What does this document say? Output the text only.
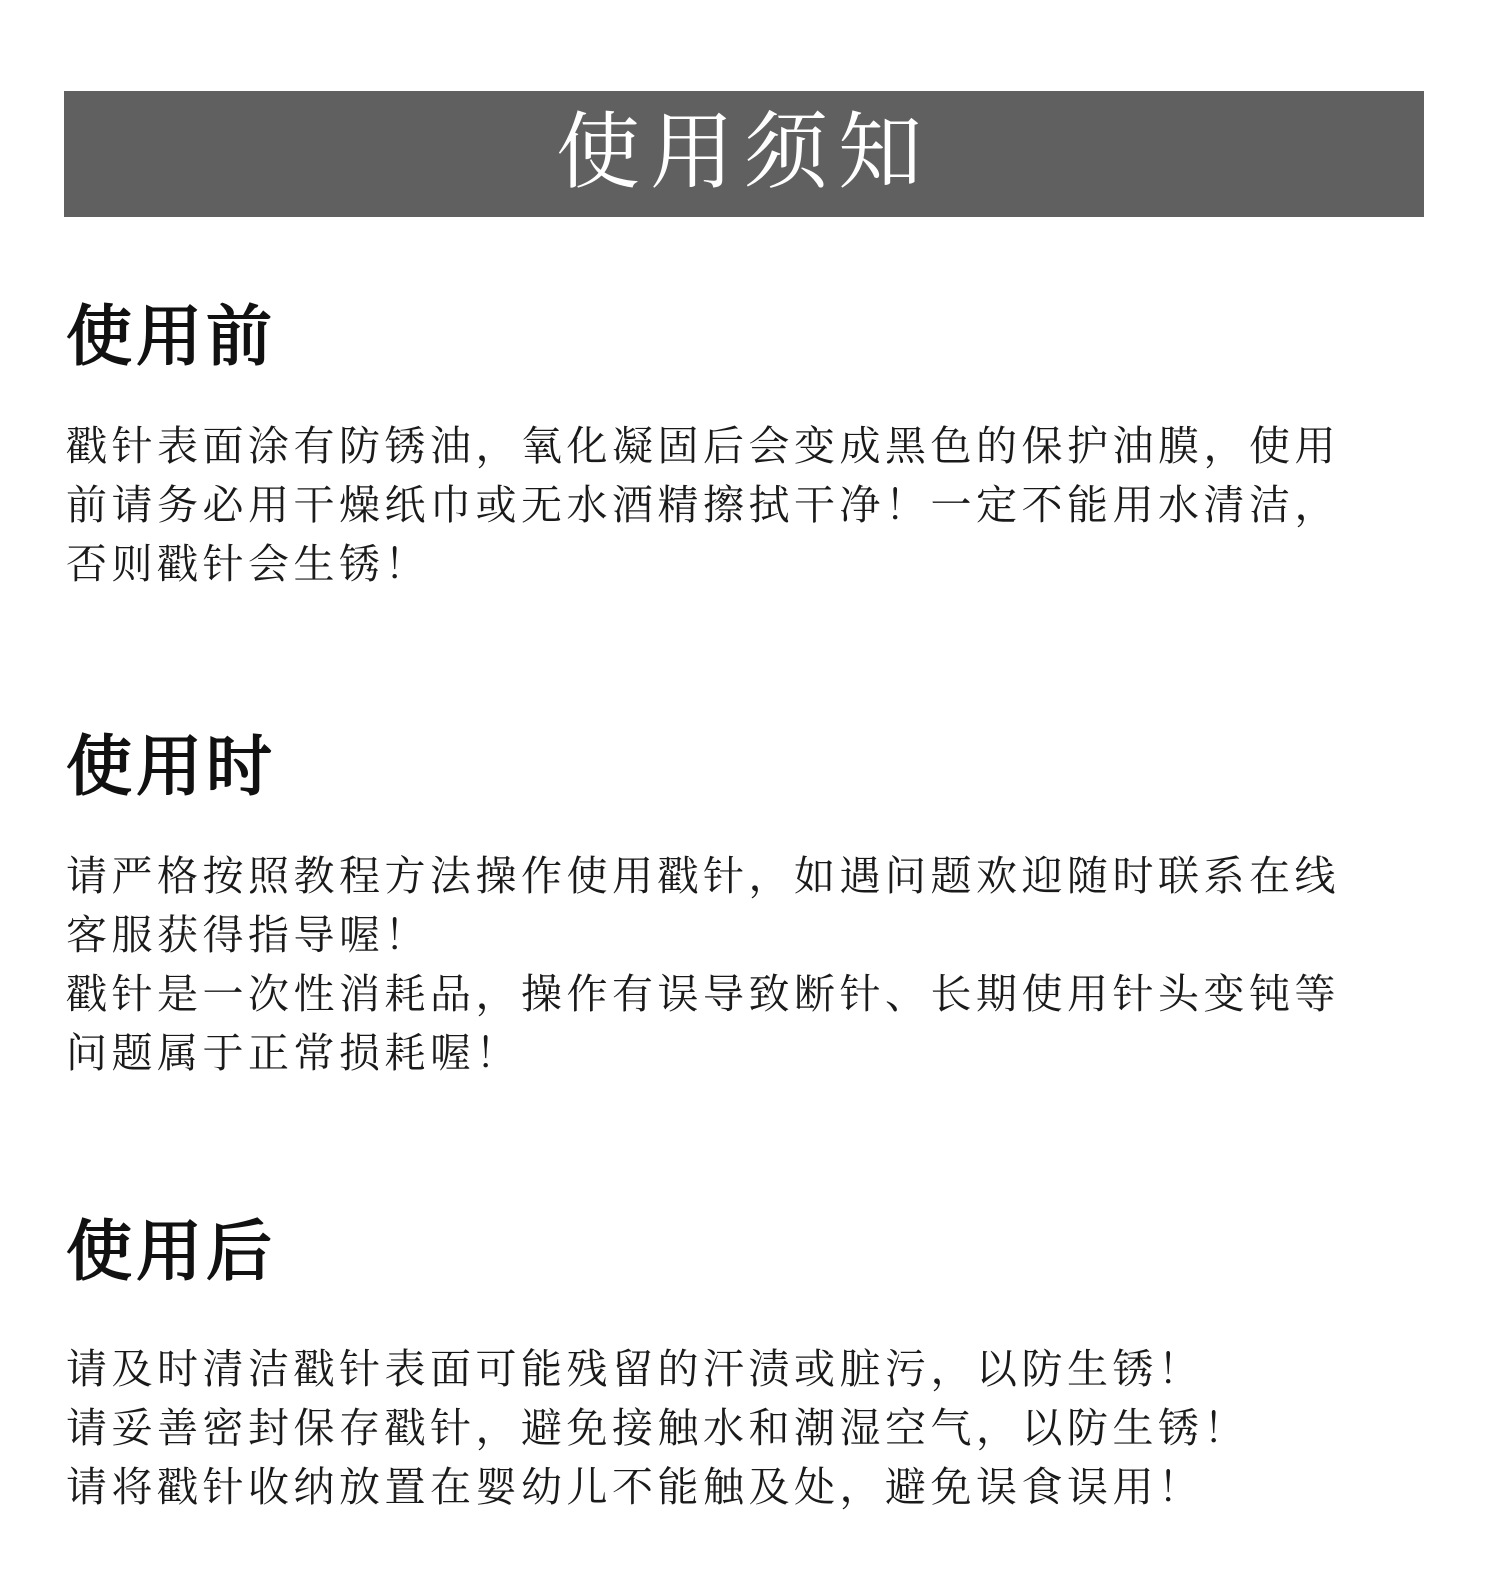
使用须知
使用前

戳针表面涂有防锈油，氧化凝固后会变成黑色的保护油膜，使用
前请务必用干燥纸巾或无水酒精擦拭干净！一定不能用水清洁，
否则戳针会生锈！

使用时

请严格按照教程方法操作使用戳针，如遇问题欢迎随时联系在线
客服获得指导喔！

戳针是一次性消耗品，操作有误导致断针、长期使用针头变钝等
问题属于正常损耗喔！

使用后

请及时清洁戳针表面可能残留的汗渍或脏污，以防生锈！

请妥善密封保存戳针，避免接触水和潮湿空气，以防生锈！

请将戳针收纳放置在婴幼儿不能触及处，避免误食误用！
